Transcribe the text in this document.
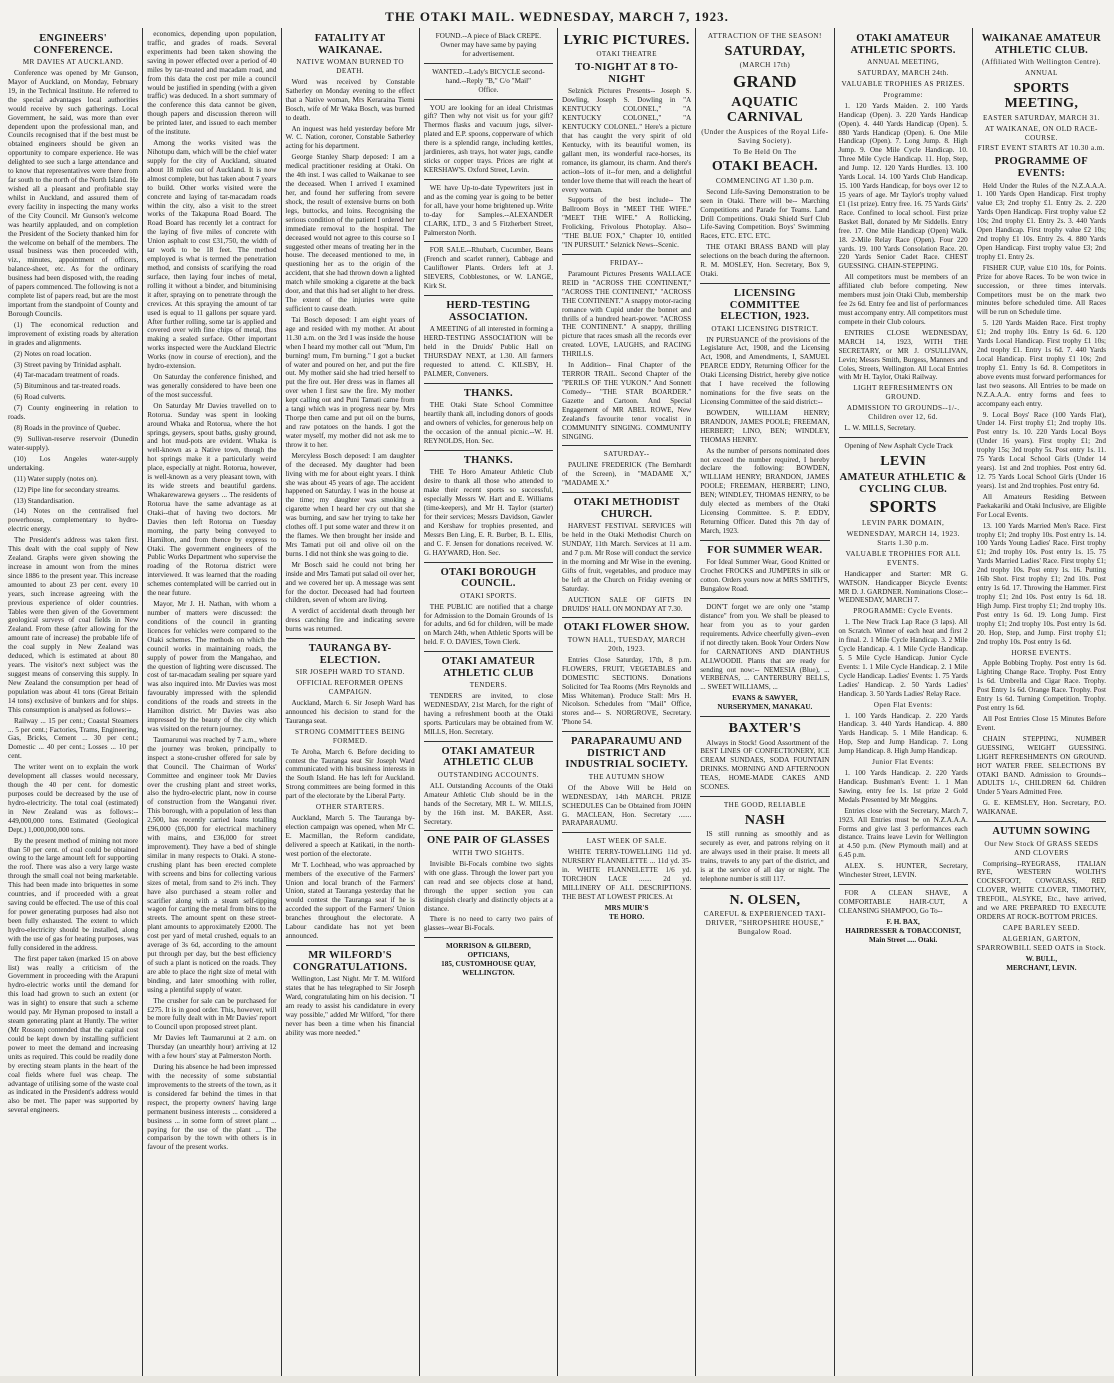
THE OTAKI MAIL. WEDNESDAY, MARCH 7, 1923.
ENGINEERS' CONFERENCE.
MR DAVIES AT AUCKLAND.
Conference was opened by Mr Gunson, Mayor of Auckland, on Monday, February 19, in the Technical Institute. He referred to the special advantages local authorities would receive by such gatherings. Local Government, he said, was more than ever dependent upon the professional man, and Councils recognised that if the best must be obtained engineers should be given an opportunity to compare experience. He was delighted to see such a large attendance and to know that representatives were there from far south to the north of the North Island. He wished all a pleasant and profitable stay whilst in Auckland, and assured them of every facility in inspecting the many works of the City Council. Mr Gunson's welcome was heartily applauded, and on completion the President of the Society thanked him for the welcome on behalf of the members. The usual business was then proceeded with, viz., minutes, appointment of officers, balance-sheet, etc. As for the ordinary business had been disposed with, the reading of papers commenced. The following is not a complete list of papers read, but are the most important from the standpoint of County and Borough Councils.
(1) The economical reduction and improvement of existing roads by alteration in grades and alignments.
(2) Notes on road location.
(3) Street paving by Trinidad asphalt.
(4) Tar-macadam treatment of roads.
(5) Bituminous and tar-treated roads.
(6) Road culverts.
(7) County engineering in relation to roads.
(8) Roads in the province of Quebec.
(9) Sullivan-reserve reservoir (Dunedin water-supply).
(10) Los Angeles water-supply undertaking.
(11) Water supply (notes on).
(12) Pipe line for secondary streams.
(13) Standardisation.
(14) Notes on the centralised fuel powerhouse, complementary to hydro-electric energy.
The President's address was taken first. This dealt with the coal supply of New Zealand. Graphs were given showing the increase in amount won from the mines since 1886 to the present year. This increase amounted to about 23 per cent. every 10 years, such increase agreeing with the previous experience of older countries. Tables were then given of the Government geological surveys of coal fields in New Zealand. From these (after allowing for the amount rate of increase) the probable life of the coal supply in New Zealand was deduced, which is estimated at about 80 years. The visitor's next subject was the suggest means of conserving this supply. In New Zealand the consumption per head of population was about 41 tons (Great Britain 14 tons) exclusive of bunkers and for ships. This consumption is analysed as follows:--
Railway ... 15 per cent.; Coastal Steamers ... 5 per cent.; Factories, Trams, Engineering, Gas, Bricks, Cement ... 30 per cent.; Domestic ... 40 per cent.; Losses ... 10 per cent.
The writer went on to explain the work development all classes would necessary, though the 40 per cent. for domestic purposes could be decreased by the use of hydro-electricity. The total coal (estimated) in New Zealand was as follows:-- 449,000,000 tons. Estimated (Geological Dept.) 1,000,000,000 tons.
By the present method of mining not more than 50 per cent. of coal could be obtained owing to the large amount left for supporting the roof. There was also a very large waste through the small coal not being marketable. This had been made into briquettes in some countries, and if proceeded with a great saving could be effected. The use of this coal for power generating purposes had also not been fully exhausted. The extent to which hydro-electricity should be installed, along with the use of gas for heating purposes, was fully considered in the address.
The first paper taken (marked 15 on above list) was really a criticism of the Government in proceeding with the Arapuni hydro-electric works until the demand for this load had grown to such an extent (or was in sight) to ensure that such a scheme would pay. Mr Hyman proposed to install a steam generating plant at Huntly. The writer (Mr Rosson) contended that the capital cost could be kept down by installing sufficient power to meet the demand and increasing units as required. This could be readily done by erecting steam plants in the heart of the coal fields where fuel was cheap. The advantage of utilising some of the waste coal as indicated in the President's address would also be met. The paper was supported by several engineers.
economics, depending upon population, traffic, and grades of roads. Several experiments had been taken showing the saving in power effected over a period of 40 miles by tar-treated and macadam road, and from this data the cost per mile a council would be justified in spending (with a given traffic) was deduced. In a short summary of the conference this data cannot be given, though papers and discussion thereon will be printed later, and issued to each member of the institute.
Among the works visited was the Nihotupu dam, which will be the chief water supply for the city of Auckland, situated about 18 miles out of Auckland. It is now almost complete, but has taken about 7 years to build. Other works visited were the concrete and laying of tar-macadam roads within the city, also a visit to the street works of the Takapuna Road Board. The Road Board has recently let a contract for the laying of five miles of concrete with Union asphalt to cost £31,750, the width of tar work to be 18 feet. The method employed is what is termed the penetration method, and consists of scarifying the road surface, then laying four inches of metal, rolling it without a binder, and bituminising it after, spraying on to penetrate through the crevices. At this spraying the amount of tar used is equal to 11 gallons per square yard. After further rolling, some tar is applied and covered over with fine chips of metal, thus making a sealed surface. Other important works inspected were the Auckland Electric Works (now in course of erection), and the hydro-extension.
On Saturday the conference finished, and was generally considered to have been one of the most successful.
On Saturday Mr Davies travelled on to Rotorua. Sunday was spent in looking around Whaka and Rotorua, where the hot springs, geysers, spout baths, gushy ground, and hot mud-pots are evident. Whaka is well-known as a Native town, though the hot springs make it a particularly weird place, especially at night. Rotorua, however, is well-known as a very pleasant town, with its wide streets and beautiful gardens. Whakarewarewa geysers ... The residents of Rotorua have the same advantage as at Otaki--that of having two doctors. Mr Davies then left Rotorua on Tuesday morning, the party being conveyed to Hamilton, and from thence by express to Otaki. The government engineers of the Public Works Department who supervise the roading of the Rotorua district were interviewed. It was learned that the roading schemes contemplated will be carried out in the near future.
Mayor, Mr J. H. Nathan, with whom a number of matters were discussed: the conditions of the council in granting licences for vehicles were compared to the Otaki schemes. The methods on which the council works in maintaining roads, the supply of power from the Mangahao, and the question of lighting were discussed. The cost of tar-macadam sealing per square yard was also inquired into. Mr Davies was most favourably impressed with the splendid conditions of the roads and streets in the Hamilton district. Mr Davies was also impressed by the beauty of the city which was visited on the return journey.
Taumarunui was reached by 7 a.m., where the journey was broken, principally to inspect a stone-crusher offered for sale by that Council. The Chairman of Works' Committee and engineer took Mr Davies over the crushing plant and street works, also the hydro-electric plant, now in course of construction from the Wanganui river. This borough, with a population of less than 2,500, has recently carried loans totalling £96,000 (£6,000 for electrical machinery with mains, and £36,000 for street improvement). They have a bed of shingle similar in many respects to Otaki. A stone-crushing plant has been erected complete with screens and bins for collecting various sizes of metal, from sand to 2½ inch. They have also purchased a steam roller and scarifier along with a steam self-tipping wagon for carting the metal from bins to the streets. The amount spent on these street-plant amounts to approximately £2000. The cost per yard of metal crushed, equals to an average of 3s 6d, according to the amount put through per day, but the best efficiency of such a plant is noticed on the roads. They are able to place the right size of metal with binding, and later smoothing with roller, using a plentiful supply of water.
The crusher for sale can be purchased for £275. It is in good order. This, however, will be more fully dealt with in Mr Davies' report to Council upon proposed street plant.
Mr Davies left Taumarunui at 2 a.m. on Thursday (an unearthly hour) arriving at 12 with a few hours' stay at Palmerston North.
During his absence he had been impressed with the necessity of some substantial improvements to the streets of the town, as it is considered far behind the times in that respect, the property owners' having large permanent business interests ... considered a business ... in some form of street plant ... paying for the use of the plant ... The comparison by the town with others is in favour of the present works.
FATALITY AT WAIKANAE.
NATIVE WOMAN BURNED TO DEATH.
Word was received by Constable Satherley on Monday evening to the effect that a Native woman, Mrs Keraraina Tiemi Bosch, wife of Mr Waka Bosch, was burned to death.
An inquest was held yesterday before Mr W. C. Nation, coroner, Constable Satherley acting for his department.
George Stanley Sharp deposed: I am a medical practitioner residing at Otaki. On the 4th inst. I was called to Waikanae to see the deceased. When I arrived I examined her, and found her suffering from severe shock, the result of extensive burns on both legs, buttocks, and loins. Recognising the serious condition of the patient I ordered her immediate removal to the hospital. The deceased would not agree to this course so I suggested other means of treating her in the house. The deceased mentioned to me, in questioning her as to the origin of the accident, that she had thrown down a lighted match while smoking a cigarette at the back door, and that this had set alight to her dress. The extent of the injuries were quite sufficient to cause death.
Tai Bosch deposed: I am eight years of age and resided with my mother. At about 11.30 a.m. on the 3rd I was inside the house when I heard my mother call out "Mum, I'm burning! mum, I'm burning." I got a bucket of water and poured on her, and put the fire out. My mother said she had tried herself to put the fire out. Her dress was in flames all over when I first saw the fire. My mother kept calling out and Puni Tamati came from a tangi which was in progress near by. Mrs Thorpe then came and put oil on the burns, and raw potatoes on the hands. I got the water myself, my mother did not ask me to throw it to her.
Mercyless Bosch deposed: I am daughter of the deceased. My daughter had been living with me for about eight years. I think she was about 45 years of age. The accident happened on Saturday. I was in the house at the time; my daughter was smoking a cigarette when I heard her cry out that she was burning, and saw her trying to take her clothes off. I put some water and threw it on the flames. We then brought her inside and Mrs Tamati put oil and olive oil on the burns. I did not think she was going to die.
Mr Bosch said he could not bring her inside and Mrs Tamati put salad oil over her, and we covered her up. A message was sent for the doctor. Deceased had had fourteen children, seven of whom are living.
A verdict of accidental death through her dress catching fire and indicating severe burns was returned.
TAURANGA BY-ELECTION.
SIR JOSEPH WARD TO STAND.
OFFICIAL REFORMER OPENS CAMPAIGN.
Auckland, March 6. Sir Joseph Ward has announced his decision to stand for the Tauranga seat.
STRONG COMMITTEES BEING FORMED.
Te Aroha, March 6. Before deciding to contest the Tauranga seat Sir Joseph Ward communicated with his business interests in the South Island. He has left for Auckland. Strong committees are being formed in this part of the electorate by the Liberal Party.
OTHER STARTERS.
Auckland, March 5. The Tauranga by-election campaign was opened, when Mr C. E. Macmillan, the Reform candidate, delivered a speech at Katikati, in the north-west portion of the electorate.
Mr T. Lochhead, who was approached by members of the executive of the Farmers' Union and local branch of the Farmers' Union, stated at Tauranga yesterday that he would contest the Tauranga seat if he is accorded the support of the Farmers' Union branches throughout the electorate. A Labour candidate has not yet been announced.
MR WILFORD'S CONGRATULATIONS.
Wellington, Last Night. Mr T. M. Wilford states that he has telegraphed to Sir Joseph Ward, congratulating him on his decision. "I am ready to assist his candidature in every way possible," added Mr Wilford, "for there never has been a time when his financial ability was more needed."
FOUND.--A piece of Black CREPE.
Owner may have same by paying
for advertisement.
WANTED.--Lady's BICYCLE second-
hand.--Reply "B," C/o "Mail"
Office.
YOU are looking for an ideal Christmas gift? Then why not visit us for your gift? Thermos flasks and vacuum jugs, silver-plated and E.P. spoons, copperware of which there is a splendid range, including kettles, jardinieres, ash trays, hot water jugs, candle sticks or copper trays. Prices are right at KERSHAW'S. Oxford Street, Levin.
WE have Up-to-date Typewriters just in and as the coming year is going to be better for all, have your home brightened up. Write to-day for Samples.--ALEXANDER CLARK, LTD., 3 and 5 Fitzherbert Street, Palmerston North.
FOR SALE.--Rhubarb, Cucumber, Beans (French and scarlet runner), Cabbage and Cauliflower Plants. Orders left at J. SIEVERS, Cobblestones, or W. LANGE, Kirk St.
HERD-TESTING ASSOCIATION.
A MEETING of all interested in forming a HERD-TESTING ASSOCIATION will be held in the Druids' Public Hall on THURSDAY NEXT, at 1.30. All farmers requested to attend. C. KILSBY, H. PALMER, Conveners.
THANKS.
THE Otaki State School Committee heartily thank all, including donors of goods and owners of vehicles, for generous help on the occasion of the annual picnic.--W. H. REYNOLDS, Hon. Sec.
THANKS.
THE Te Horo Amateur Athletic Club desire to thank all those who attended to make their recent sports so successful, especially Messrs W. Hart and E. Williams (time-keepers), and Mr H. Taylor (starter) for their services; Messrs Davidson, Gawler and Kershaw for trophies presented, and Messrs Ben Ling, E. R. Burber, B. L. Ellis, and C. F. Jensen for donations received. W. G. HAYWARD, Hon. Sec.
OTAKI BOROUGH COUNCIL.
OTAKI SPORTS.
THE PUBLIC are notified that a charge for Admission to the Domain Grounds of 1s for adults, and 6d for children, will be made on March 24th, when Athletic Sports will be held. F. O. DAVIES, Town Clerk.
OTAKI AMATEUR ATHLETIC CLUB
TENDERS.
TENDERS are invited, to close WEDNESDAY, 21st March, for the right of having a refreshment booth at the Otaki sports. Particulars may be obtained from W. MILLS, Hon. Secretary.
OTAKI AMATEUR ATHLETIC CLUB
OUTSTANDING ACCOUNTS.
ALL Outstanding Accounts of the Otaki Amateur Athletic Club should be in the hands of the Secretary, MR L. W. MILLS, by the 16th inst. M. BAKER, Asst. Secretary.
ONE PAIR OF GLASSES
WITH TWO SIGHTS.
Invisible Bi-Focals combine two sights with one glass. Through the lower part you can read and see objects close at hand, through the upper section you can distinguish clearly and distinctly objects at a distance.
There is no need to carry two pairs of glasses--wear Bi-Focals.
MORRISON & GILBERD,
OPTICIANS,
185, CUSTOMHOUSE QUAY,
WELLINGTON.
LYRIC PICTURES.
OTAKI THEATRE
TO-NIGHT AT 8 TO-NIGHT
Selznick Pictures Presents-- Joseph S. Dowling, Joseph S. Dowling in "A KENTUCKY COLONEL," "A KENTUCKY COLONEL," "A KENTUCKY COLONEL." Here's a picture that has caught the very spirit of old Kentucky, with its beautiful women, its gallant men, its wonderful race-horses, its romance, its glamour, its charm. And there's action--lots of it--for men, and a delightful tender love theme that will reach the heart of every woman.
Supports of the best include-- The Ballroom Boys in "MEET THE WIFE." "MEET THE WIFE." A Rollicking, Frolicking, Frivolous Photoplay. Also-- "THE BLUE FOX," Chapter 10, entitled "IN PURSUIT." Selznick News--Scenic.
FRIDAY--
Paramount Pictures Presents WALLACE REID in "ACROSS THE CONTINENT," "ACROSS THE CONTINENT," "ACROSS THE CONTINENT." A snappy motor-racing romance with Cupid under the bonnet and thrills of a hundred heart-power. "ACROSS THE CONTINENT." A snappy, thrilling picture that races smash all the records ever created. LOVE, LAUGHS, and RACING THRILLS.
In Addition-- Final Chapter of the TERROR TRAIL. Second Chapter of the "PERILS OF THE YUKON." And Sonnett Comedy-- "THE STAR BOARDER." Gazette and Cartoon. And Special Engagement of MR ABEL ROWE, New Zealand's favourite tenor vocalist in COMMUNITY SINGING. COMMUNITY SINGING.
SATURDAY--
PAULINE FREDERICK (The Bernhardt of the Screen), in "MADAME X," "MADAME X."
OTAKI METHODIST CHURCH.
HARVEST FESTIVAL SERVICES will be held in the Otaki Methodist Church on SUNDAY, 11th March. Services at 11 a.m. and 7 p.m. Mr Rose will conduct the service in the morning and Mr Wise in the evening. Gifts of fruit, vegetables, and produce may be left at the Church on Friday evening or Saturday.
AUCTION SALE OF GIFTS IN DRUIDS' HALL ON MONDAY AT 7.30.
OTAKI FLOWER SHOW.
TOWN HALL, TUESDAY, MARCH 20th, 1923.
Entries Close Saturday, 17th, 8 p.m. FLOWERS, FRUIT, VEGETABLES and DOMESTIC SECTIONS. Donations Solicited for Tea Rooms (Mrs Reynolds and Miss Whiteman). Produce Stall: Mrs H. Nicolson. Schedules from "Mail" Office, stores and--- S. NORGROVE, Secretary. 'Phone 54.
PARAPARAUMU AND DISTRICT AND INDUSTRIAL SOCIETY.
THE AUTUMN SHOW
Of the Above Will be Held on WEDNESDAY, 14th MARCH. PRIZE SCHEDULES Can be Obtained from JOHN G. MACLEAN, Hon. Secretary ....... PARAPARAUMU.
LAST WEEK OF SALE.
WHITE TERRY-TOWELLING 11d yd. NURSERY FLANNELETTE ... 11d yd. 35-in. WHITE FLANNELETTE 1/6 yd. TORCHON LACE ....... 2d yd. MILLINERY OF ALL DESCRIPTIONS. THE BEST AT LOWEST PRICES. At
MRS MUIR'S
TE HORO.
ATTRACTION OF THE SEASON!
SATURDAY,
(MARCH 17th)
GRAND
AQUATIC CARNIVAL
(Under the Auspices of the Royal Life-Saving Society).
To Be Held On The
OTAKI BEACH.
COMMENCING AT 1.30 p.m.
Second Life-Saving Demonstration to be seen in Otaki. There will be-- Marching Competitions and Parade for Teams. Land Drill Competitions. Otaki Shield Surf Club Life-Saving Competition. Boys' Swimming Races, ETC. ETC. ETC.
THE OTAKI BRASS BAND will play selections on the beach during the afternoon. R. M. MOSLEY, Hon. Secretary, Box 9, Otaki.
LICENSING COMMITTEE ELECTION, 1923.
OTAKI LICENSING DISTRICT.
IN PURSUANCE of the provisions of the Legislature Act, 1908, and the Licensing Act, 1908, and Amendments, I, SAMUEL PEARCE EDDY, Returning Officer for the Otaki Licensing District, hereby give notice that I have received the following nominations for the five seats on the Licensing Committee of the said district:--
BOWDEN, WILLIAM HENRY; BRANDON, JAMES POOLE; FREEMAN, HERBERT; LINO, BEN; WINDLEY, THOMAS HENRY.
As the number of persons nominated does not exceed the number required, I hereby declare the following: BOWDEN, WILLIAM HENRY; BRANDON, JAMES POOLE; FREEMAN, HERBERT; LINO, BEN; WINDLEY, THOMAS HENRY, to be duly elected as members of the Otaki Licensing Committee. S. P. EDDY, Returning Officer. Dated this 7th day of March, 1923.
FOR SUMMER WEAR.
For Ideal Summer Wear, Good Knitted or Crochet FROCKS and JUMPERS in silk or cotton. Orders yours now at MRS SMITH'S, Bungalow Road.
DON'T forget we are only one "stamp distance" from you. We shall be pleased to hear from you as to your garden requirements. Advice cheerfully given--even if not directly taken. Book Your Orders Now for CARNATIONS AND DIANTHUS ALLWOODII. Plants that are ready for sending out now:-- NEMESIA (Blue), ... VERBENAS, ... CANTERBURY BELLS, ... SWEET WILLIAMS, ...
EVANS & SAWYER,
NURSERYMEN, MANAKAU.
BAXTER'S
Always in Stock! Good Assortment of the BEST LINES OF CONFECTIONERY, ICE CREAM SUNDAES, SODA FOUNTAIN DRINKS. MORNING AND AFTERNOON TEAS, HOME-MADE CAKES AND SCONES.
THE GOOD, RELIABLE
NASH
IS still running as smoothly and as securely as ever, and patrons relying on it are always used in their praise. It meets all trains, travels to any part of the district, and is at the service of all day or night. The telephone number is still 117.
N. OLSEN,
CAREFUL & EXPERIENCED TAXI-DRIVER, "SHROPSHIRE HOUSE," Bungalow Road.
OTAKI AMATEUR ATHLETIC SPORTS.
ANNUAL MEETING,
SATURDAY, MARCH 24th.
VALUABLE TROPHIES AS PRIZES.
Programme:
1. 120 Yards Maiden. 2. 100 Yards Handicap (Open). 3. 220 Yards Handicap (Open). 4. 440 Yards Handicap (Open). 5. 880 Yards Handicap (Open). 6. One Mile Handicap (Open). 7. Long Jump. 8. High Jump. 9. One Mile Cycle Handicap. 10. Three Mile Cycle Handicap. 11. Hop, Step, and Jump. 12. 120 Yards Hurdles. 13. 100 Yards Local. 14. 100 Yards Club Handicap. 15. 100 Yards Handicap, for boys over 12 to 15 years of age. Mr Taylor's trophy valued £1 (1st prize). Entry free. 16. 75 Yards Girls' Race. Confined to local school. First prize Basket Ball, donated by Mr Siddells. Entry free. 17. One Mile Handicap (Open) Walk. 18. 2-Mile Relay Race (Open). Four 220 yards. 19. 100 Yards Consolation Race. 20. 220 Yards Senior Cadet Race. CHEST GUESSING. CHAIN-STEPPING.
All competitors must be members of an affiliated club before competing. New members must join Otaki Club, membership fee 2s 6d. Entry fee and list of performances must accompany entry. All competitors must compete in their Club colours.
ENTRIES CLOSE WEDNESDAY, MARCH 14, 1923, WITH THE SECRETARY, or MR J. O'SULLIVAN, Levin; Messrs Smith, Burgess, Manners and Coles, Streets, Wellington. All Local Entries with Mr H. Taylor, Otaki Railway.
LIGHT REFRESHMENTS ON GROUND.
ADMISSION TO GROUNDS--1/-. Children over 12, 6d.
L. W. MILLS, Secretary.
Opening of New Asphalt Cycle Track
LEVIN
AMATEUR ATHLETIC & CYCLING CLUB.
SPORTS
LEVIN PARK DOMAIN,
WEDNESDAY, MARCH 14, 1923. Starts 1.30 p.m.
VALUABLE TROPHIES FOR ALL EVENTS.
Handicapper and Starter: MR G. WATSON. Handicapper Bicycle Events: MR D. J. GARDNER. Nominations Close:-- WEDNESDAY, MARCH 7.
PROGRAMME: Cycle Events.
1. The New Track Lap Race (3 laps). All on Scratch. Winner of each heat and first 2 in final. 2. 1 Mile Cycle Handicap. 3. 2 Mile Cycle Handicap. 4. 1 Mile Cycle Handicap. 5. 5 Mile Cycle Handicap. Junior Cycle Events: 1. 1 Mile Cycle Handicap. 2. 1 Mile Cycle Handicap. Ladies' Events: 1. 75 Yards Ladies' Handicap. 2. 50 Yards Ladies' Handicap. 3. 50 Yards Ladies' Relay Race.
Open Flat Events:
1. 100 Yards Handicap. 2. 220 Yards Handicap. 3. 440 Yards Handicap. 4. 880 Yards Handicap. 5. 1 Mile Handicap. 6. Hop, Step and Jump Handicap. 7. Long Jump Handicap. 8. High Jump Handicap.
Junior Flat Events:
1. 100 Yards Handicap. 2. 220 Yards Handicap. Bushman's Event: 1. 1 Man Sawing, entry fee 1s. 1st prize 2 Gold Medals Presented by Mr Meggins.
Entries close with the Secretary, March 7, 1923. All Entries must be on N.Z.A.A.A. Forms and give last 3 performances each distance. Trains leave Levin for Wellington at 4.50 p.m. (New Plymouth mail) and at 6.45 p.m.
ALEX. S. HUNTER, Secretary, Winchester Street, LEVIN.
FOR A CLEAN SHAVE, A COMFORTABLE HAIR-CUT, A CLEANSING SHAMPOO, Go To--
F. H. BAX,
HAIRDRESSER & TOBACCONIST,
Main Street ..... Otaki.
WAIKANAE AMATEUR ATHLETIC CLUB.
(Affiliated With Wellington Centre).
ANNUAL
SPORTS MEETING,
EASTER SATURDAY, MARCH 31.
AT WAIKANAE, ON OLD RACE-COURSE.
FIRST EVENT STARTS AT 10.30 a.m.
PROGRAMME OF EVENTS:
Held Under the Rules of the N.Z.A.A.A. 1. 100 Yards Open Handicap. First trophy value £3; 2nd trophy £1. Entry 2s. 2. 220 Yards Open Handicap. First trophy value £2 10s; 2nd trophy £1. Entry 2s. 3. 440 Yards Open Handicap. First trophy value £2 10s; 2nd trophy £1 10s. Entry 2s. 4. 880 Yards Open Handicap. First trophy value £3; 2nd trophy £1. Entry 2s.
FISHER CUP, value £10 10s, for Points. Prize for above Races. To be won twice in succession, or three times intervals. Competitors must be on the mark two minutes before scheduled time. All Races will be run on Schedule time.
5. 120 Yards Maiden Race. First trophy £1; 2nd trophy 10s. Entry 1s 6d. 6. 120 Yards Local Handicap. First trophy £1 10s; 2nd trophy £1. Entry 1s 6d. 7. 440 Yards Local Handicap. First trophy £1 10s; 2nd trophy £1. Entry 1s 6d. 8. Competitors in above events must forward performances for last two seasons. All Entries to be made on N.Z.A.A.A. entry forms and fees to accompany each entry.
9. Local Boys' Race (100 Yards Flat), Under 14. First trophy £1; 2nd trophy 10s. Post entry 1s. 10. 220 Yards Local Boys (Under 16 years). First trophy £1; 2nd trophy 15s; 3rd trophy 5s. Post entry 1s. 11. 75 Yards Local School Girls (Under 14 years). 1st and 2nd trophies. Post entry 6d. 12. 75 Yards Local School Girls (Under 16 years). 1st and 2nd trophies. Post entry 6d.
All Amateurs Residing Between Paekakariki and Otaki Inclusive, are Eligible For Local Events.
13. 100 Yards Married Men's Race. First trophy £1; 2nd trophy 10s. Post entry 1s. 14. 100 Yards Young Ladies' Race. First trophy £1; 2nd trophy 10s. Post entry 1s. 15. 75 Yards Married Ladies' Race. First trophy £1; 2nd trophy 10s. Post entry 1s. 16. Putting 16lb Shot. First trophy £1; 2nd 10s. Post entry 1s 6d. 17. Throwing the Hammer. First trophy £1; 2nd 10s. Post entry 1s 6d. 18. High Jump. First trophy £1; 2nd trophy 10s. Post entry 1s 6d. 19. Long Jump. First trophy £1; 2nd trophy 10s. Post entry 1s 6d. 20. Hop, Step, and Jump. First trophy £1; 2nd trophy 10s. Post entry 1s 6d.
HORSE EVENTS.
Apple Bobbing Trophy. Post entry 1s 6d. Lighting Change Race. Trophy. Post Entry 1s 6d. Umbrella and Cigar Race. Trophy. Post Entry 1s 6d. Orange Race. Trophy. Post Entry 1s 6d. Turning Competition. Trophy. Post entry 1s 6d.
All Post Entries Close 15 Minutes Before Event.
CHAIN STEPPING, NUMBER GUESSING, WEIGHT GUESSING. LIGHT REFRESHMENTS ON GROUND. HOT WATER FREE. SELECTIONS BY OTAKI BAND. Admission to Grounds--ADULTS 1/-, CHILDREN 6d. Children Under 5 Years Admitted Free.
G. E. KEMSLEY, Hon. Secretary, P.O. WAIKANAE.
AUTUMN SOWING
Our New Stock Of GRASS SEEDS AND CLOVERS
Comprising--RYEGRASS, ITALIAN RYE, WESTERN WOLTH'S COCKSFOOT, COWGRASS, RED CLOVER, WHITE CLOVER, TIMOTHY, TREFOIL, ALSYKE, Etc., have arrived, and we ARE PREPARED TO EXECUTE ORDERS AT ROCK-BOTTOM PRICES.
CAPE BARLEY SEED.
ALGERIAN, GARTON, SPARROWBILL SEED OATS in Stock.
W. BULL,
MERCHANT, LEVIN.
